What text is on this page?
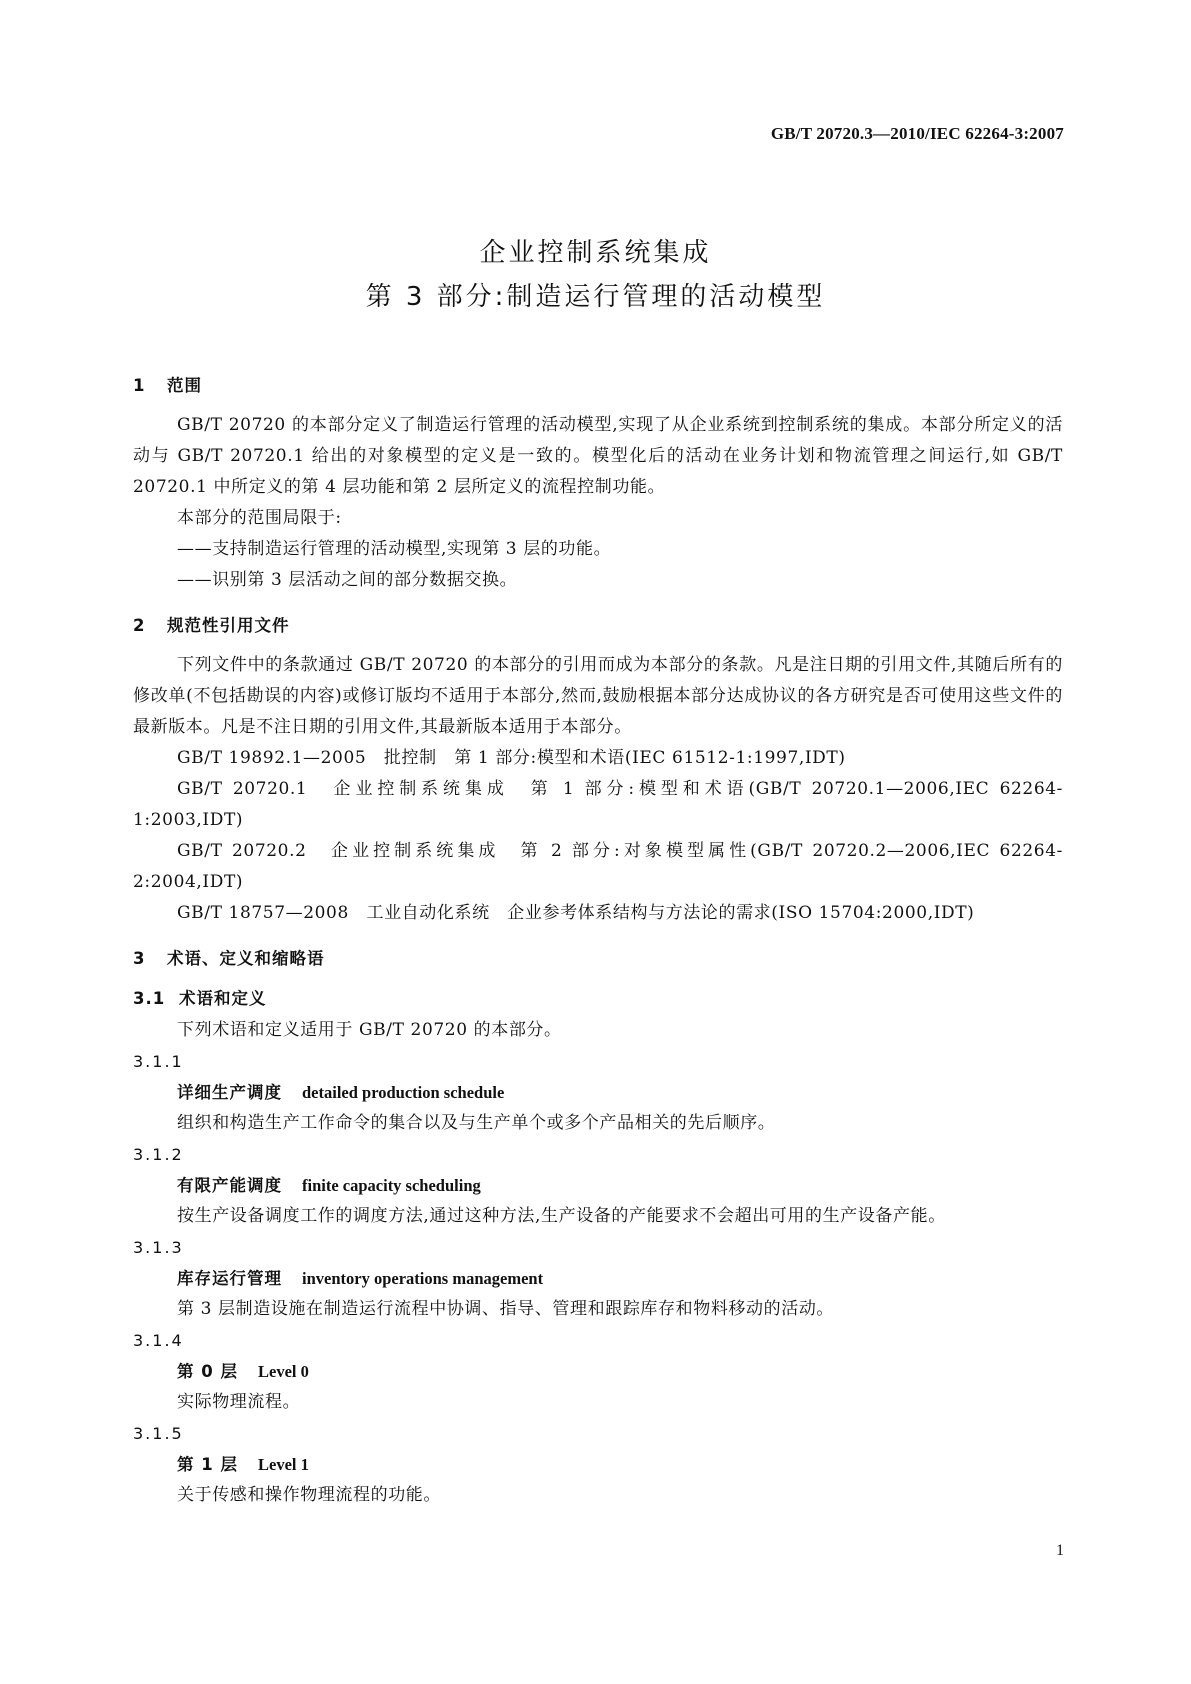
GB/T 20720.3—2010/IEC 62264-3:2007
企业控制系统集成
第 3 部分:制造运行管理的活动模型
1 范围
GB/T 20720 的本部分定义了制造运行管理的活动模型,实现了从企业系统到控制系统的集成。本部分所定义的活动与 GB/T 20720.1 给出的对象模型的定义是一致的。模型化后的活动在业务计划和物流管理之间运行,如 GB/T 20720.1 中所定义的第 4 层功能和第 2 层所定义的流程控制功能。
本部分的范围局限于:
——支持制造运行管理的活动模型,实现第 3 层的功能。
——识别第 3 层活动之间的部分数据交换。
2 规范性引用文件
下列文件中的条款通过 GB/T 20720 的本部分的引用而成为本部分的条款。凡是注日期的引用文件,其随后所有的修改单(不包括勘误的内容)或修订版均不适用于本部分,然而,鼓励根据本部分达成协议的各方研究是否可使用这些文件的最新版本。凡是不注日期的引用文件,其最新版本适用于本部分。
GB/T 19892.1—2005　批控制　第 1 部分:模型和术语(IEC 61512-1:1997,IDT)
GB/T 20720.1　企业控制系统集成　第 1 部分:模型和术语(GB/T 20720.1—2006,IEC 62264-1:2003,IDT)
GB/T 20720.2　企业控制系统集成　第 2 部分:对象模型属性(GB/T 20720.2—2006,IEC 62264-2:2004,IDT)
GB/T 18757—2008　工业自动化系统　企业参考体系结构与方法论的需求(ISO 15704:2000,IDT)
3 术语、定义和缩略语
3.1 术语和定义
下列术语和定义适用于 GB/T 20720 的本部分。
3.1.1
详细生产调度 detailed production schedule
组织和构造生产工作命令的集合以及与生产单个或多个产品相关的先后顺序。
3.1.2
有限产能调度 finite capacity scheduling
按生产设备调度工作的调度方法,通过这种方法,生产设备的产能要求不会超出可用的生产设备产能。
3.1.3
库存运行管理 inventory operations management
第 3 层制造设施在制造运行流程中协调、指导、管理和跟踪库存和物料移动的活动。
3.1.4
第 0 层 Level 0
实际物理流程。
3.1.5
第 1 层 Level 1
关于传感和操作物理流程的功能。
1
